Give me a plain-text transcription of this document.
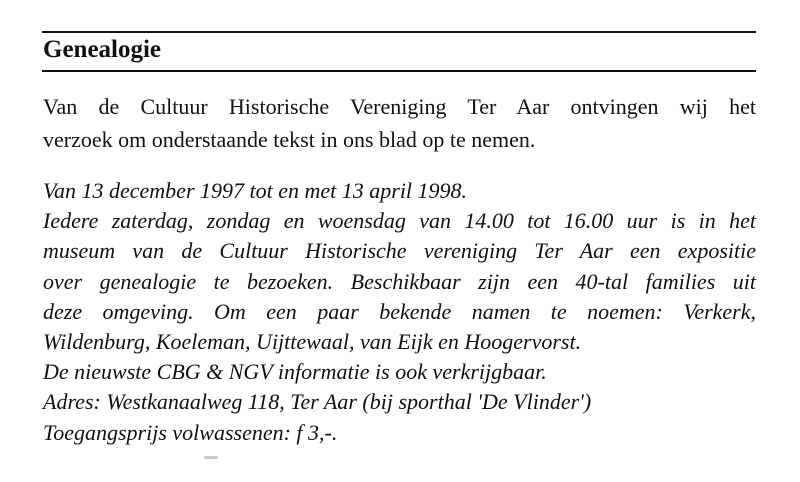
Genealogie
Van de Cultuur Historische Vereniging Ter Aar ontvingen wij het
verzoek om onderstaande tekst in ons blad op te nemen.
Van 13 december 1997 tot en met 13 april 1998.
Iedere zaterdag, zondag en woensdag van 14.00 tot 16.00 uur is in het
museum van de Cultuur Historische vereniging Ter Aar een expositie
over genealogie te bezoeken. Beschikbaar zijn een 40-tal families uit
deze omgeving. Om een paar bekende namen te noemen: Verkerk,
Wildenburg, Koeleman, Uijttewaal, van Eijk en Hoogervorst.
De nieuwste CBG & NGV informatie is ook verkrijgbaar.
Adres: Westkanaalweg 118, Ter Aar (bij sporthal 'De Vlinder')
Toegangsprijs volwassenen: f 3,-.
